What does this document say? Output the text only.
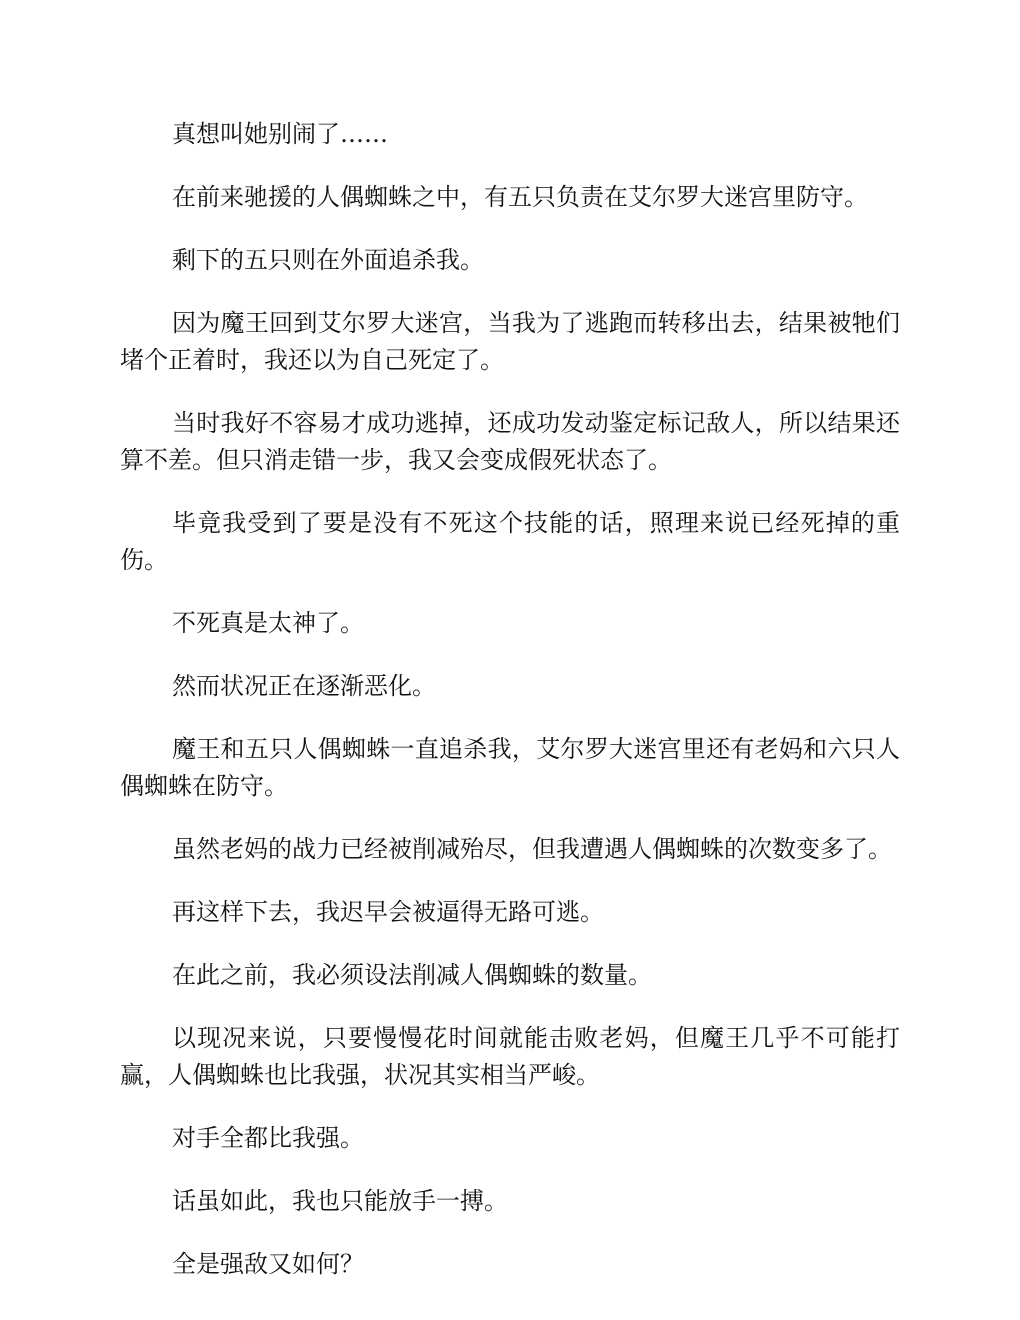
真想叫她别闹了……

在前来驰援的人偶蜘蛛之中，有五只负责在艾尔罗大迷宫里防守。

剩下的五只则在外面追杀我。

因为魔王回到艾尔罗大迷宫，当我为了逃跑而转移出去，结果被牠们堵个正着时，我还以为自己死定了。

当时我好不容易才成功逃掉，还成功发动鉴定标记敌人，所以结果还算不差。但只消走错一步，我又会变成假死状态了。

毕竟我受到了要是没有不死这个技能的话，照理来说已经死掉的重伤。

不死真是太神了。

然而状况正在逐渐恶化。

魔王和五只人偶蜘蛛一直追杀我，艾尔罗大迷宫里还有老妈和六只人偶蜘蛛在防守。

虽然老妈的战力已经被削减殆尽，但我遭遇人偶蜘蛛的次数变多了。

再这样下去，我迟早会被逼得无路可逃。

在此之前，我必须设法削减人偶蜘蛛的数量。

以现况来说，只要慢慢花时间就能击败老妈，但魔王几乎不可能打赢，人偶蜘蛛也比我强，状况其实相当严峻。

对手全都比我强。

话虽如此，我也只能放手一搏。

全是强敌又如何？
